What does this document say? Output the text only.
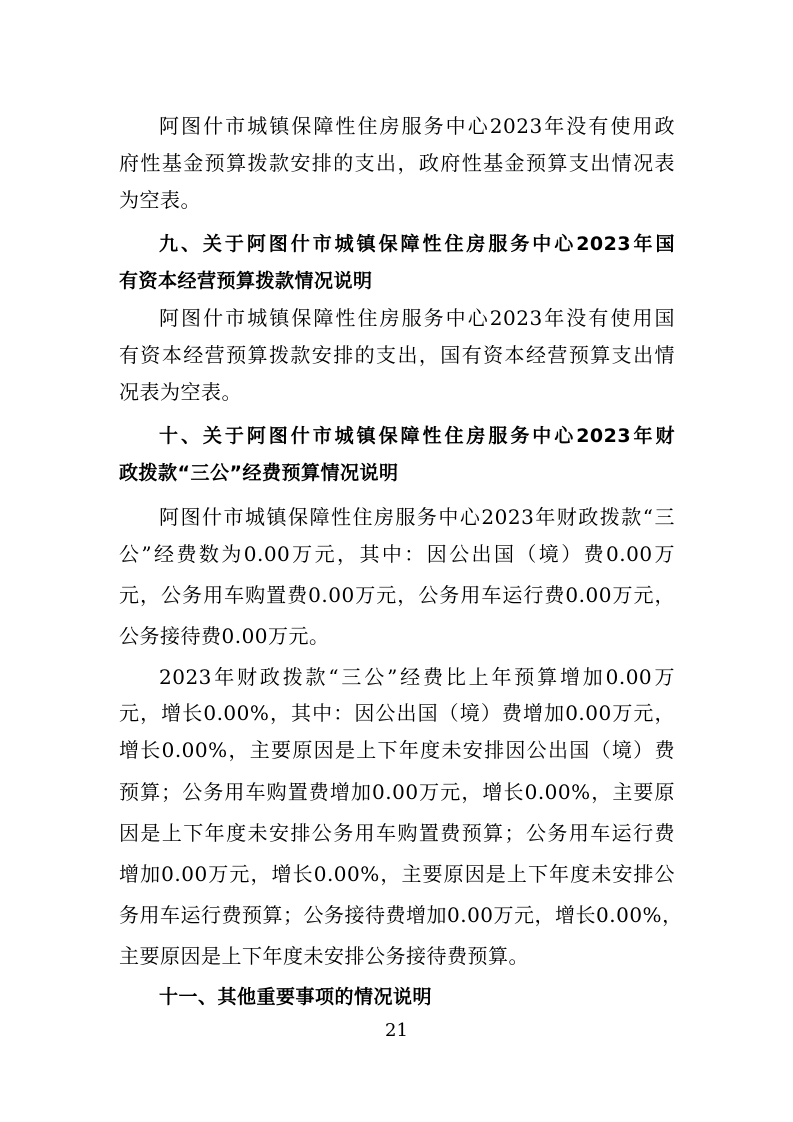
阿图什市城镇保障性住房服务中心2023年没有使用政
府性基金预算拨款安排的支出，政府性基金预算支出情况表
为空表。
九、关于阿图什市城镇保障性住房服务中心2023年国
有资本经营预算拨款情况说明
阿图什市城镇保障性住房服务中心2023年没有使用国
有资本经营预算拨款安排的支出，国有资本经营预算支出情
况表为空表。
十、关于阿图什市城镇保障性住房服务中心2023年财
政拨款“三公”经费预算情况说明
阿图什市城镇保障性住房服务中心2023年财政拨款“三
公”经费数为0.00万元，其中：因公出国（境）费0.00万
元，公务用车购置费0.00万元，公务用车运行费0.00万元，
公务接待费0.00万元。
2023年财政拨款“三公”经费比上年预算增加0.00万
元，增长0.00%，其中：因公出国（境）费增加0.00万元，
增长0.00%，主要原因是上下年度未安排因公出国（境）费
预算；公务用车购置费增加0.00万元，增长0.00%，主要原
因是上下年度未安排公务用车购置费预算；公务用车运行费
增加0.00万元，增长0.00%，主要原因是上下年度未安排公
务用车运行费预算；公务接待费增加0.00万元，增长0.00%，
主要原因是上下年度未安排公务接待费预算。
十一、其他重要事项的情况说明
21
